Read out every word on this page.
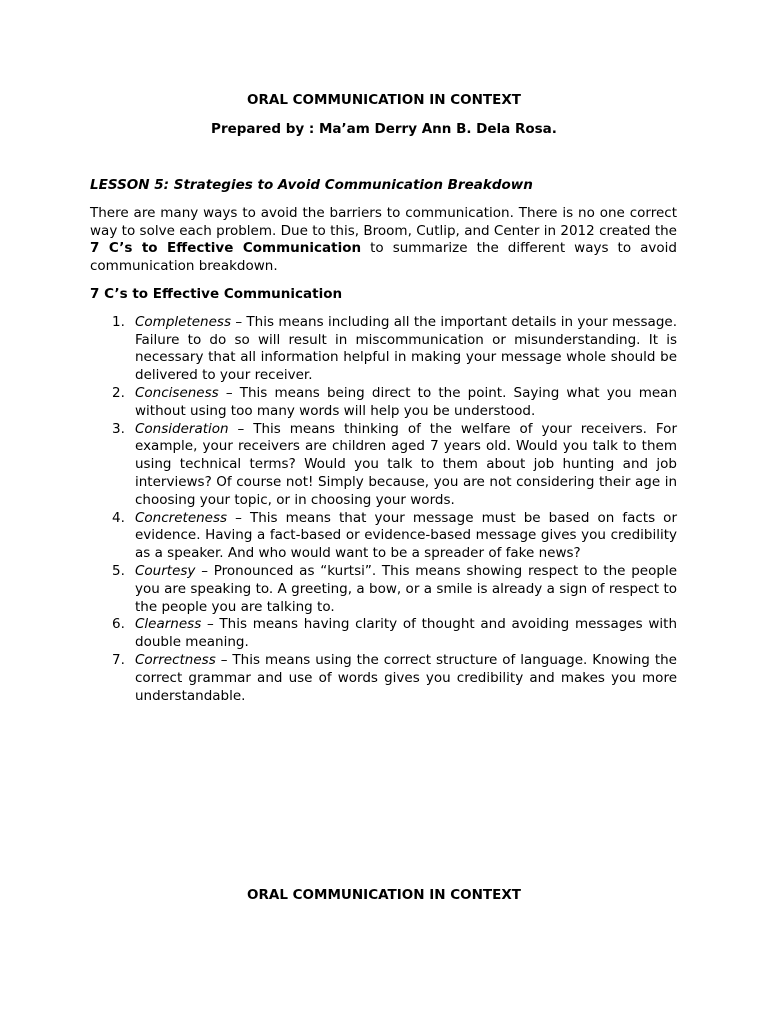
ORAL COMMUNICATION IN CONTEXT
Prepared by : Ma’am Derry Ann B. Dela Rosa.

LESSON 5: Strategies to Avoid Communication Breakdown

There are many ways to avoid the barriers to communication. There is no one correct way to solve each problem. Due to this, Broom, Cutlip, and Center in 2012 created the 7 C’s to Effective Communication to summarize the different ways to avoid communication breakdown.

7 C’s to Effective Communication

1. Completeness – This means including all the important details in your message. Failure to do so will result in miscommunication or misunderstanding. It is necessary that all information helpful in making your message whole should be delivered to your receiver.
2. Conciseness – This means being direct to the point. Saying what you mean without using too many words will help you be understood.
3. Consideration – This means thinking of the welfare of your receivers. For example, your receivers are children aged 7 years old. Would you talk to them using technical terms? Would you talk to them about job hunting and job interviews? Of course not! Simply because, you are not considering their age in choosing your topic, or in choosing your words.
4. Concreteness – This means that your message must be based on facts or evidence. Having a fact-based or evidence-based message gives you credibility as a speaker. And who would want to be a spreader of fake news?
5. Courtesy – Pronounced as “kurtsi”. This means showing respect to the people you are speaking to. A greeting, a bow, or a smile is already a sign of respect to the people you are talking to.
6. Clearness – This means having clarity of thought and avoiding messages with double meaning.
7. Correctness – This means using the correct structure of language. Knowing the correct grammar and use of words gives you credibility and makes you more understandable.
ORAL COMMUNICATION IN CONTEXT
